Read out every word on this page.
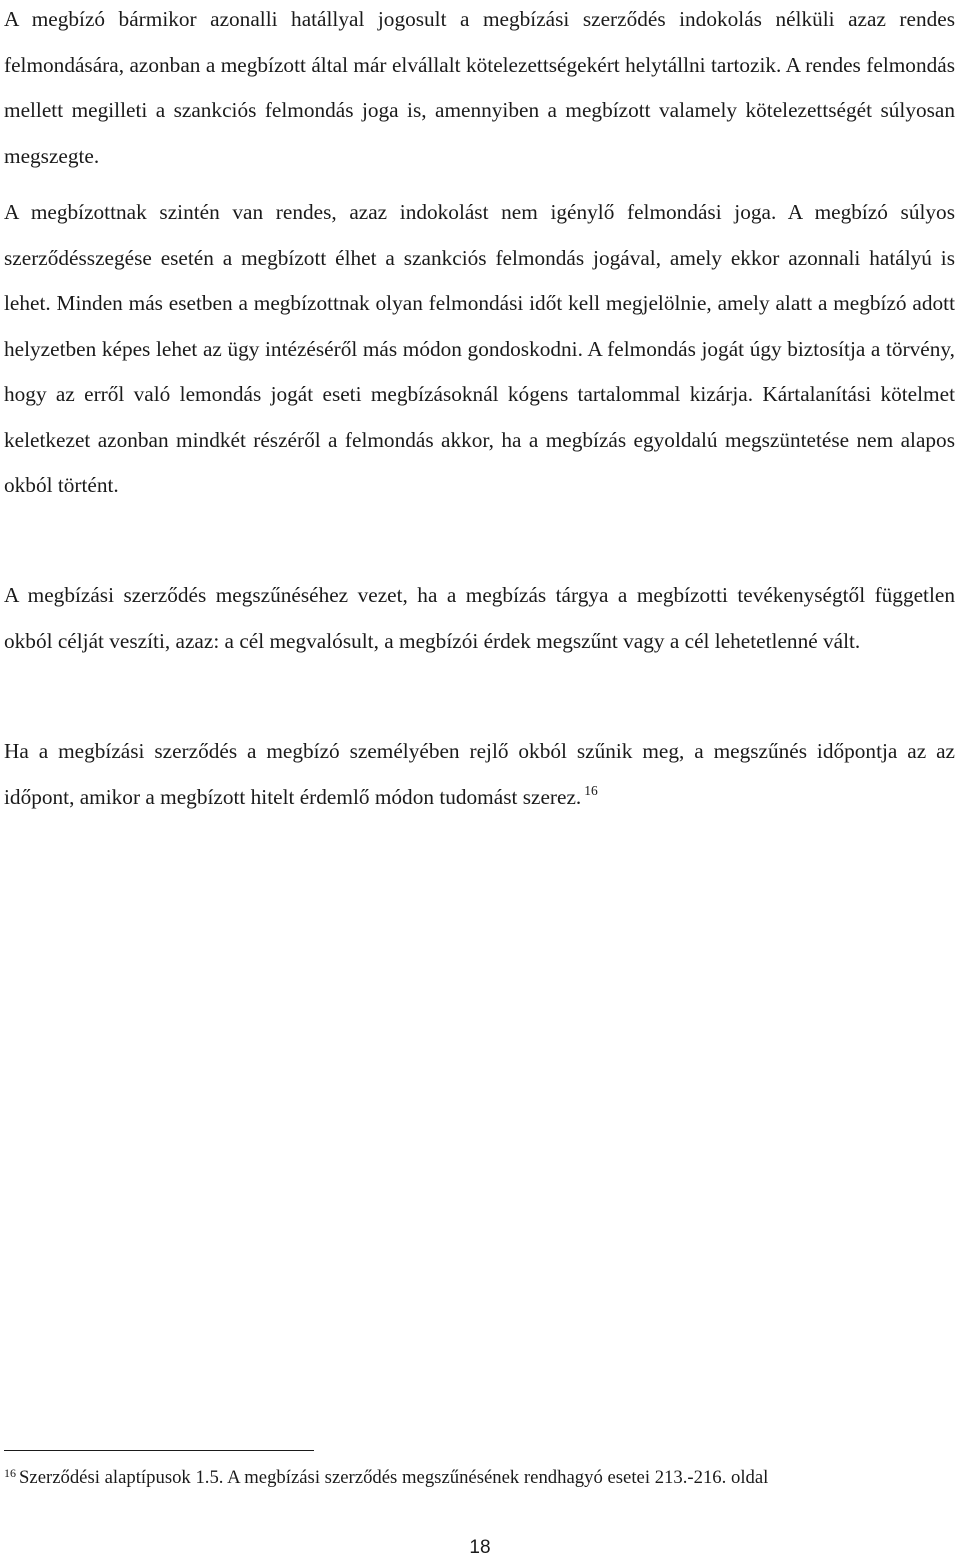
A megbízó bármikor azonalli hatállyal jogosult a megbízási szerződés indokolás nélküli azaz rendes felmondására, azonban a megbízott által már elvállalt kötelezettségekért helytállni tartozik. A rendes felmondás mellett megilleti a szankciós felmondás joga is, amennyiben a megbízott valamely kötelezettségét súlyosan megszegte.

A megbízottnak szintén van rendes, azaz indokolást nem igénylő felmondási joga. A megbízó súlyos szerződésszegése esetén a megbízott élhet a szankciós felmondás jogával, amely ekkor azonnali hatályú is lehet. Minden más esetben a megbízottnak olyan felmondási időt kell megjelölnie, amely alatt a megbízó adott helyzetben képes lehet az ügy intézéséről más módon gondoskodni. A felmondás jogát úgy biztosítja a törvény, hogy az erről való lemondás jogát eseti megbízásoknál kógens tartalommal kizárja. Kártalanítási kötelmet keletkezet azonban mindkét részéről a felmondás akkor, ha a megbízás egyoldalú megszüntetése nem alapos okból történt.

A megbízási szerződés megszűnéséhez vezet, ha a megbízás tárgya a megbízotti tevékenységtől független okból célját veszíti, azaz: a cél megvalósult, a megbízói érdek megszűnt vagy a cél lehetetlenné vált.

Ha a megbízási szerződés a megbízó személyében rejlő okból szűnik meg, a megszűnés időpontja az az időpont, amikor a megbízott hitelt érdemlő módon tudomást szerez. $^{16}$

$^{16}$ Szerződési alaptípusok 1.5. A megbízási szerződés megszűnésének rendhagyó esetei 213.-216. oldal
18
